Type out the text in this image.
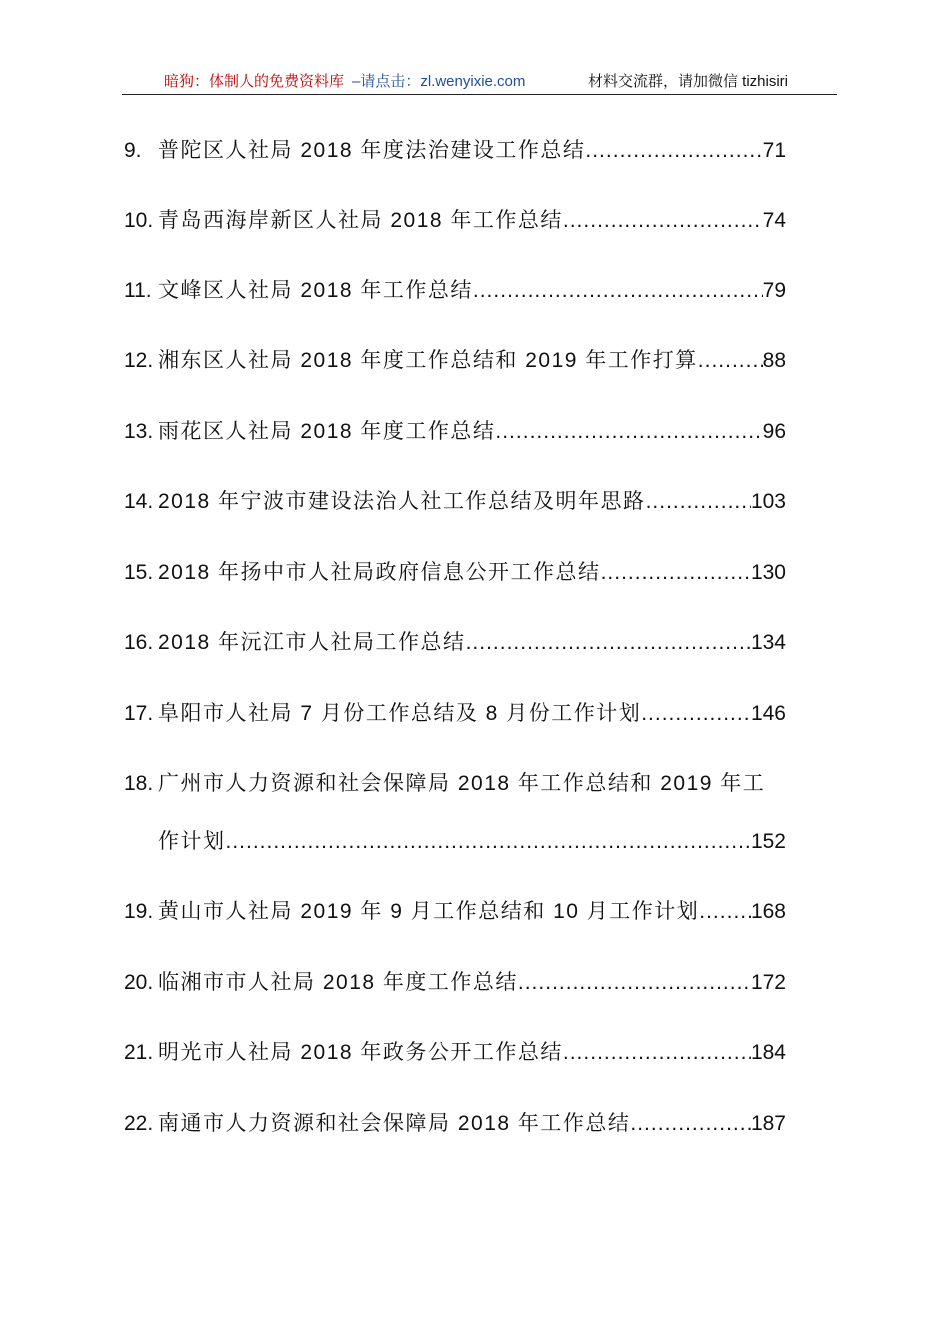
暗狗：体制人的免费资料库 –请点击：zl.wenyixie.com	材料交流群，请加微信 tizhisiri
9. 普陀区人社局 2018 年度法治建设工作总结 .....	71
10. 青岛西海岸新区人社局 2018 年工作总结 .....	74
11. 文峰区人社局 2018 年工作总结 .....	79
12. 湘东区人社局 2018 年度工作总结和 2019 年工作打算 .....	88
13. 雨花区人社局 2018 年度工作总结 .....	96
14. 2018 年宁波市建设法治人社工作总结及明年思路 .....	103
15. 2018 年扬中市人社局政府信息公开工作总结 .....	130
16. 2018 年沅江市人社局工作总结 .....	134
17. 阜阳市人社局 7 月份工作总结及 8 月份工作计划 .....	146
18. 广州市人力资源和社会保障局 2018 年工作总结和 2019 年工
作计划 .....	152
19. 黄山市人社局 2019 年 9 月工作总结和 10 月工作计划 ..... 168
20. 临湘市市人社局 2018 年度工作总结 .....	172
21. 明光市人社局 2018 年政务公开工作总结 .....	184
22. 南通市人力资源和社会保障局 2018 年工作总结 .....	187
